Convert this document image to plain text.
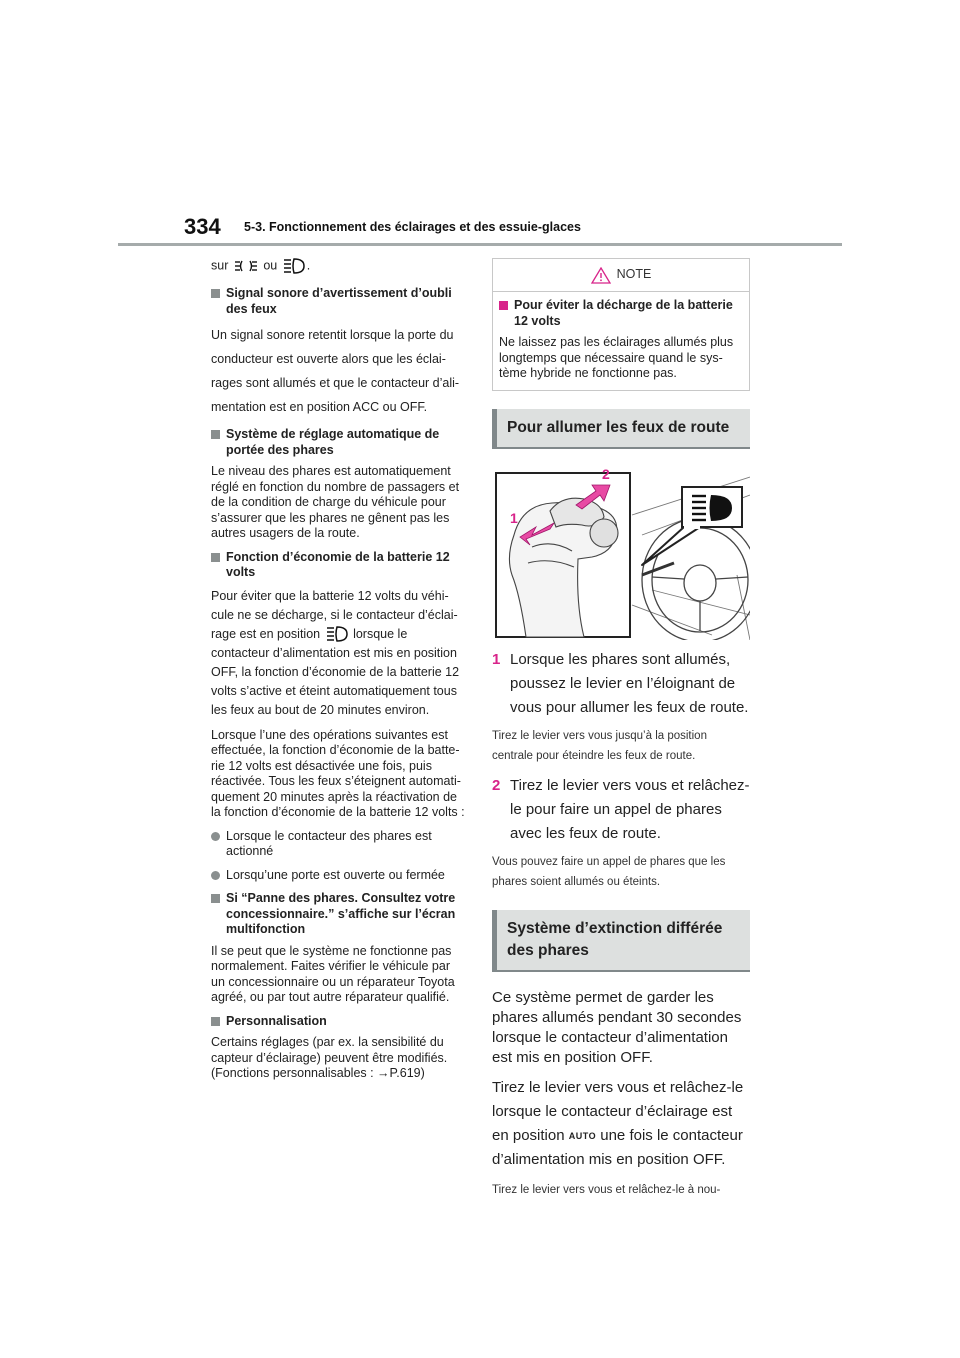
334 5-3. Fonctionnement des éclairages et des essuie-glaces

sur	ou .

Signal sonore d’avertissement d’oubli des feux

Un signal sonore retentit lorsque la porte du conducteur est ouverte alors que les éclai-rages sont allumés et que le contacteur d’ali-mentation est en position ACC ou OFF.

Système de réglage automatique de portée des phares

Le niveau des phares est automatiquement réglé en fonction du nombre de passagers et de la condition de charge du véhicule pour s’assurer que les phares ne gênent pas les autres usagers de la route.

Fonction d’économie de la batterie 12 volts

Pour éviter que la batterie 12 volts du véhi-cule ne se décharge, si le contacteur d’éclai-rage est en position	lorsque le contacteur d’alimentation est mis en position OFF, la fonction d’économie de la batterie 12 volts s’active et éteint automatiquement tous les feux au bout de 20 minutes environ.

Lorsque l’une des opérations suivantes est effectuée, la fonction d’économie de la batte-rie 12 volts est désactivée une fois, puis réactivée. Tous les feux s’éteignent automati-quement 20 minutes après la réactivation de la fonction d’économie de la batterie 12 volts :

Lorsque le contacteur des phares est actionné
Lorsqu’une porte est ouverte ou fermée
Si “Panne des phares. Consultez votre concessionnaire.” s’affiche sur l’écran multifonction

Il se peut que le système ne fonctionne pas normalement. Faites vérifier le véhicule par un concessionnaire ou un réparateur Toyota agréé, ou par tout autre réparateur qualifié.

Personnalisation

Certains réglages (par ex. la sensibilité du capteur d’éclairage) peuvent être modifiés. (Fonctions personnalisables : →P.619)

NOTE
Pour éviter la décharge de la batterie 12 volts

Ne laissez pas les éclairages allumés plus longtemps que nécessaire quand le sys-tème hybride ne fonctionne pas.

Pour allumer les feux de route
1
2
1 Lorsque les phares sont allumés, poussez le levier en l’éloignant de vous pour allumer les feux de route.

Tirez le levier vers vous jusqu’à la position centrale pour éteindre les feux de route.

2 Tirez le levier vers vous et relâchez-le pour faire un appel de phares avec les feux de route.

Vous pouvez faire un appel de phares que les phares soient allumés ou éteints.

Système d’extinction différée des phares

Ce système permet de garder les phares allumés pendant 30 secondes lorsque le contacteur d’alimentation est mis en position OFF.

Tirez le levier vers vous et relâchez-le lorsque le contacteur d’éclairage est en position AUTO une fois le contacteur d’alimentation mis en position OFF.

Tirez le levier vers vous et relâchez-le à nou-
